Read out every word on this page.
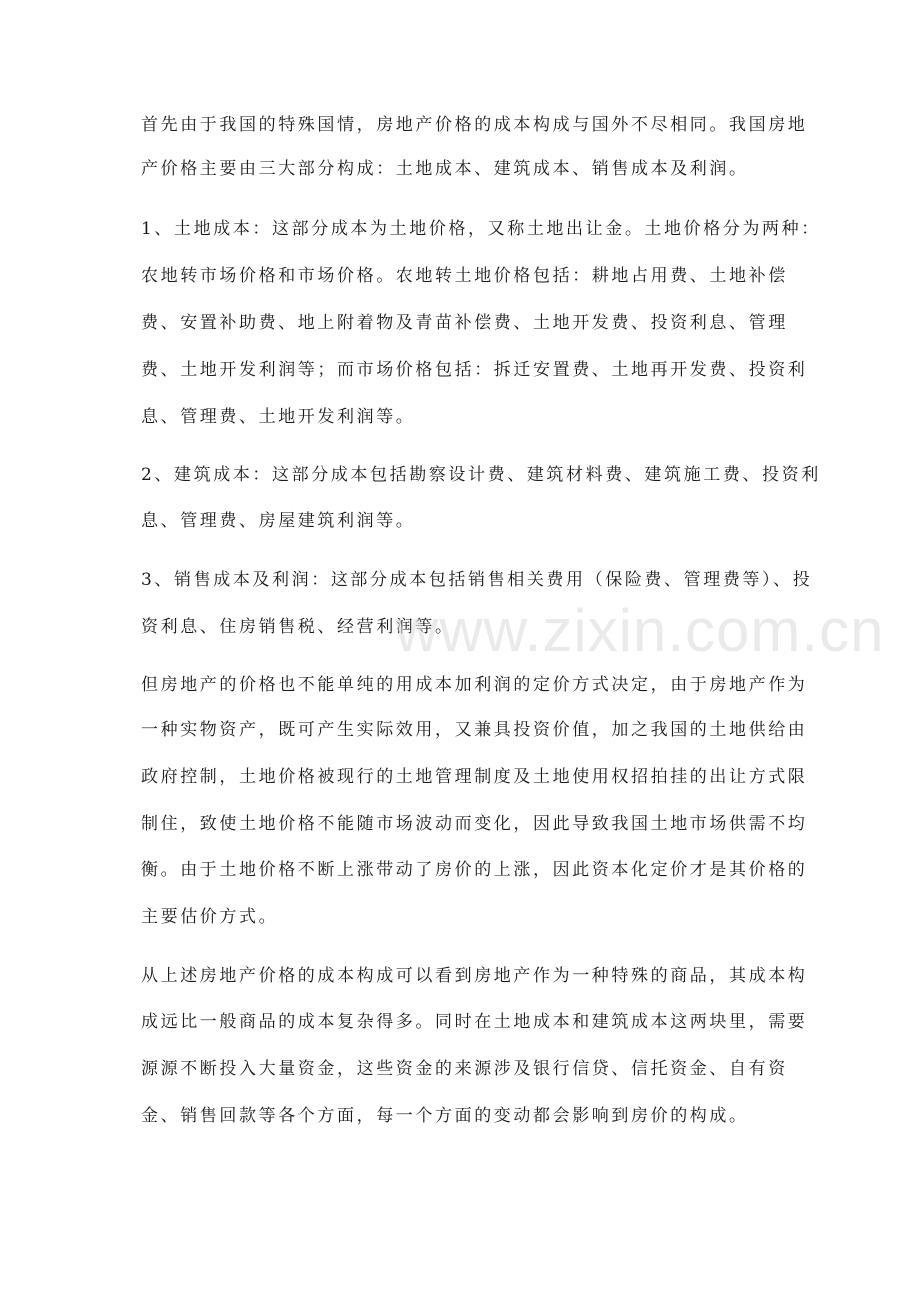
首先由于我国的特殊国情，房地产价格的成本构成与国外不尽相同。我国房地
产价格主要由三大部分构成：土地成本、建筑成本、销售成本及利润。
1、土地成本：这部分成本为土地价格，又称土地出让金。土地价格分为两种：
农地转市场价格和市场价格。农地转土地价格包括：耕地占用费、土地补偿
费、安置补助费、地上附着物及青苗补偿费、土地开发费、投资利息、管理
费、土地开发利润等；而市场价格包括：拆迁安置费、土地再开发费、投资利
息、管理费、土地开发利润等。
2、建筑成本：这部分成本包括勘察设计费、建筑材料费、建筑施工费、投资利
息、管理费、房屋建筑利润等。
3、销售成本及利润：这部分成本包括销售相关费用（保险费、管理费等）、投
资利息、住房销售税、经营利润等。
但房地产的价格也不能单纯的用成本加利润的定价方式决定，由于房地产作为
一种实物资产，既可产生实际效用，又兼具投资价值，加之我国的土地供给由
政府控制，土地价格被现行的土地管理制度及土地使用权招拍挂的出让方式限
制住，致使土地价格不能随市场波动而变化，因此导致我国土地市场供需不均
衡。由于土地价格不断上涨带动了房价的上涨，因此资本化定价才是其价格的
主要估价方式。
从上述房地产价格的成本构成可以看到房地产作为一种特殊的商品，其成本构
成远比一般商品的成本复杂得多。同时在土地成本和建筑成本这两块里，需要
源源不断投入大量资金，这些资金的来源涉及银行信贷、信托资金、自有资
金、销售回款等各个方面，每一个方面的变动都会影响到房价的构成。
www.zixin.com.cn
